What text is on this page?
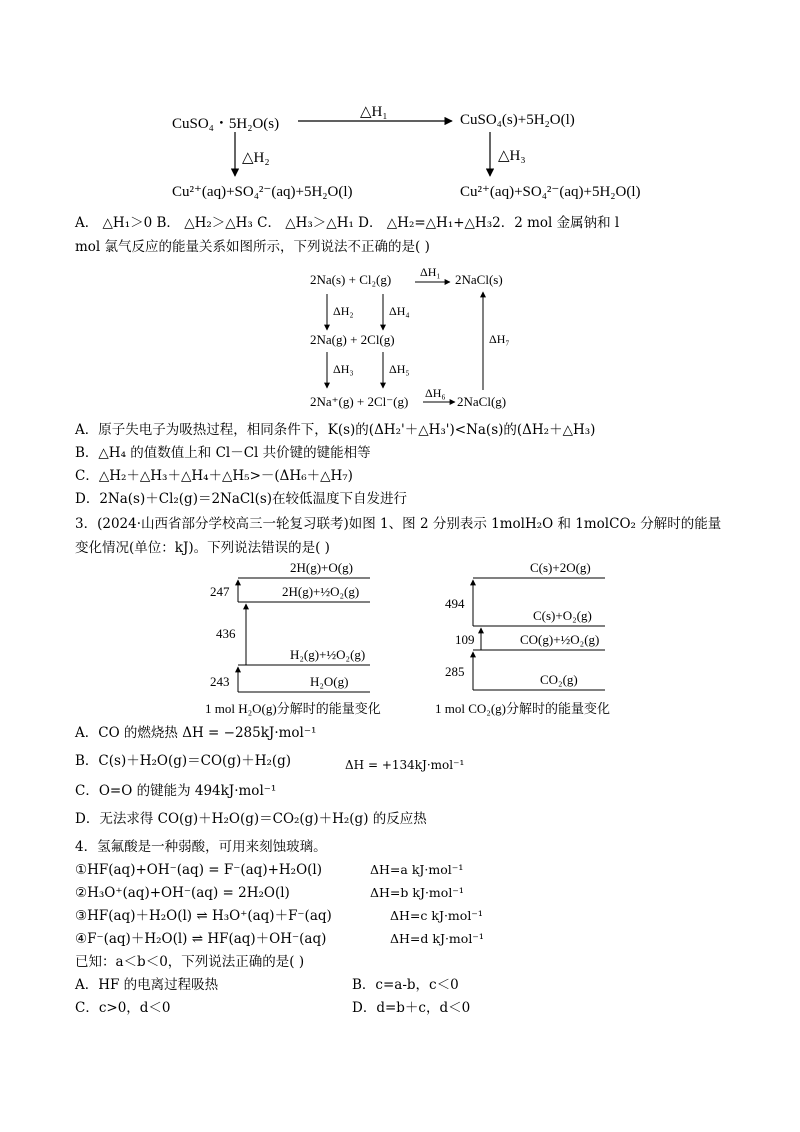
CuSO₄・5H₂O(s)
△H₁	CuSO₄(s)+5H₂O(l)
△H₂	△H₃
Cu²⁺(aq)+SO₄²⁻(aq)+5H₂O(l)	Cu²⁺(aq)+SO₄²⁻(aq)+5H₂O(l)
A． △H₁＞0 B． △H₂＞△H₃ C． △H₃＞△H₁ D． △H₂=△H₁+△H₃2．2 mol 金属钠和 l
mol 氯气反应的能量关系如图所示，下列说法不正确的是( )
2Na(s) + Cl₂(g) ΔH₁ 2NaCl(s)
ΔH₂	ΔH₄
2Na(g) + 2Cl(g)	ΔH₇
ΔH₃	ΔH₅
2Na⁺(g) + 2Cl⁻(g)
ΔH₆
2NaCl(g)
A．原子失电子为吸热过程，相同条件下，K(s)的(ΔH₂'＋△H₃')<Na(s)的(ΔH₂＋△H₃)
B．△H₄ 的值数值上和 Cl－Cl 共价键的键能相等
C．△H₂＋△H₃＋△H₄＋△H₅>－(ΔH₆＋△H₇)
D．2Na(s)＋Cl₂(g)＝2NaCl(s)在较低温度下自发进行
3．(2024·山西省部分学校高三一轮复习联考)如图 1、图 2 分别表示 1molH₂O 和 1molCO₂ 分解时的能量
变化情况(单位：kJ)。下列说法错误的是( )
2H(g)+O(g)
2H(g)+½O₂(g)
H₂(g)+½O₂(g)
H₂O(g)
247
436
243
1 mol H₂O(g)分解时的能量变化
C(s)+2O(g)
C(s)+O₂(g)
CO(g)+½O₂(g)
CO₂(g)
494
109
285
1 mol CO₂(g)分解时的能量变化
A．CO 的燃烧热 ΔH = −285kJ·mol⁻¹
B．C(s)＋H₂O(g)＝CO(g)＋H₂(g)	ΔH = +134kJ·mol⁻¹
C．O=O 的键能为 494kJ·mol⁻¹
D．无法求得 CO(g)＋H₂O(g)＝CO₂(g)＋H₂(g) 的反应热
4．氢氟酸是一种弱酸，可用来刻蚀玻璃。
①HF(aq)+OH⁻(aq) = F⁻(aq)+H₂O(l)	ΔH=a kJ·mol⁻¹
②H₃O⁺(aq)+OH⁻(aq) = 2H₂O(l)	ΔH=b kJ·mol⁻¹
③HF(aq)＋H₂O(l) ⇌ H₃O⁺(aq)＋F⁻(aq)	ΔH=c kJ·mol⁻¹
④F⁻(aq)＋H₂O(l) ⇌ HF(aq)＋OH⁻(aq)	ΔH=d kJ·mol⁻¹
已知：a＜b＜0，下列说法正确的是( )
A．HF 的电离过程吸热	B．c=a-b，c＜0
C．c>0，d＜0	D．d=b＋c，d＜0
